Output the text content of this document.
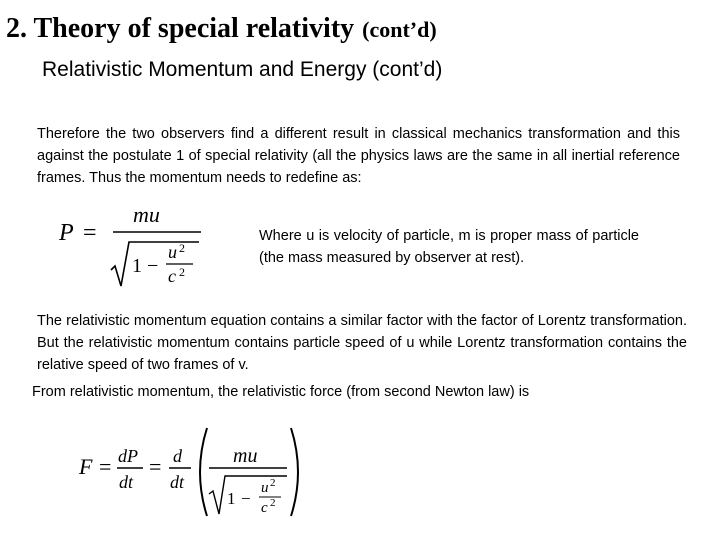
2. Theory of special relativity (cont’d)
Relativistic Momentum and Energy (cont’d)

Therefore the two observers find a different result in classical mechanics transformation and this against the postulate 1 of special relativity (all the physics laws are the same in all inertial reference frames. Thus the momentum needs to redefine as:

P =
mu
1 −
u 2
c 2

Where u is velocity of particle, m is proper mass of particle (the mass measured by observer at rest).

The relativistic momentum equation contains a similar factor with the factor of Lorentz transformation. But the relativistic momentum contains particle speed of u while Lorentz transformation contains the relative speed of two frames of v.

From relativistic momentum, the relativistic force (from second Newton law) is

F = dP
dt
= d
dt
mu
1 −
u 2
c 2
